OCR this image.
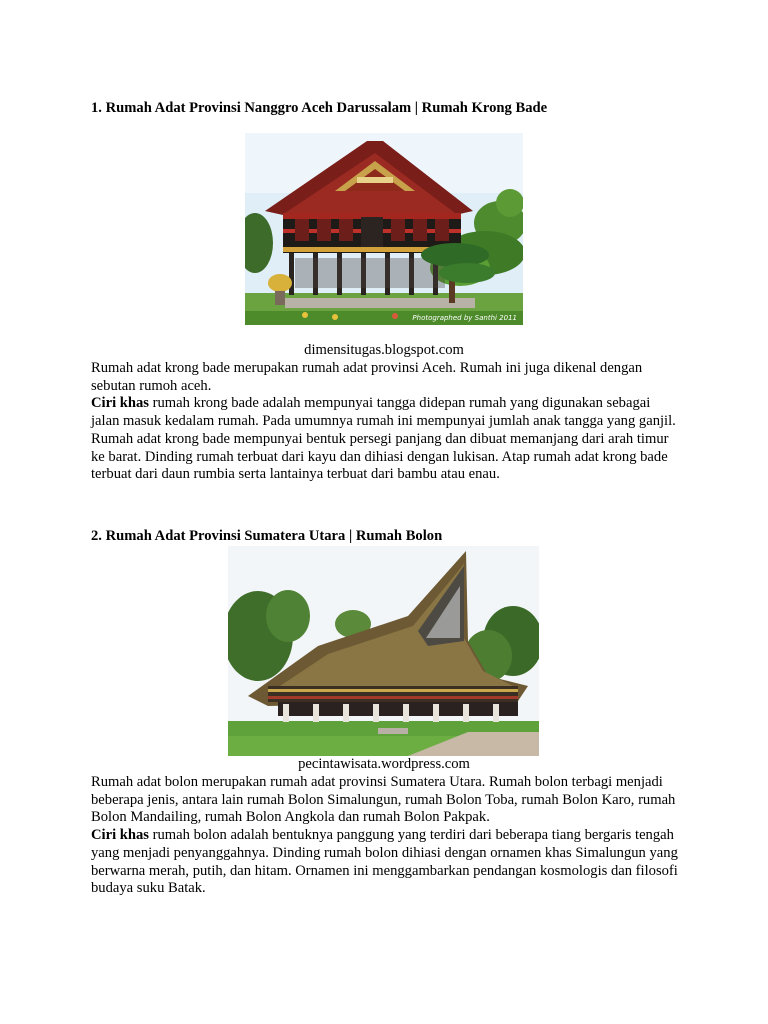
1. Rumah Adat Provinsi Nanggro Aceh Darussalam | Rumah Krong Bade
Photographed by Santhi 2011
dimensitugas.blogspot.com

Rumah adat krong bade merupakan rumah adat provinsi Aceh. Rumah ini juga dikenal dengan sebutan rumoh aceh.

Ciri khas rumah krong bade adalah mempunyai tangga didepan rumah yang digunakan sebagai jalan masuk kedalam rumah. Pada umumnya rumah ini mempunyai jumlah anak tangga yang ganjil.

Rumah adat krong bade mempunyai bentuk persegi panjang dan dibuat memanjang dari arah timur ke barat. Dinding rumah terbuat dari kayu dan dihiasi dengan lukisan. Atap rumah adat krong bade terbuat dari daun rumbia serta lantainya terbuat dari bambu atau enau.

2. Rumah Adat Provinsi Sumatera Utara | Rumah Bolon
pecintawisata.wordpress.com

Rumah adat bolon merupakan rumah adat provinsi Sumatera Utara. Rumah bolon terbagi menjadi beberapa jenis, antara lain rumah Bolon Simalungun, rumah Bolon Toba, rumah Bolon Karo, rumah Bolon Mandailing, rumah Bolon Angkola dan rumah Bolon Pakpak.

Ciri khas rumah bolon adalah bentuknya panggung yang terdiri dari beberapa tiang bergaris tengah yang menjadi penyanggahnya. Dinding rumah bolon dihiasi dengan ornamen khas Simalungun yang berwarna merah, putih, dan hitam. Ornamen ini menggambarkan pendangan kosmologis dan filosofi budaya suku Batak.
